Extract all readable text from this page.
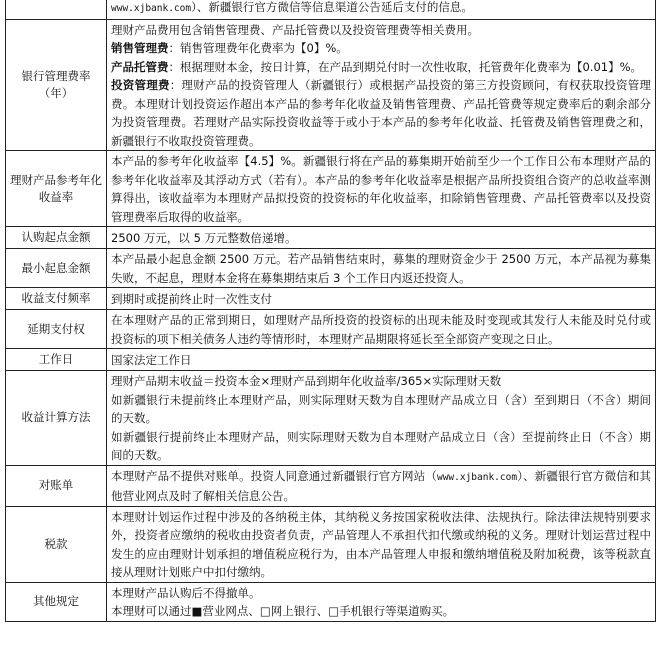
	www.xjbank.com）、新疆银行官方微信等信息渠道公告延后支付的信息。

银行管理费率（年）	理财产品费用包含销售管理费、产品托管费以及投资管理费等相关费用。

销售管理费：销售管理费年化费率为【0】%。

产品托管费：根据理财本金，按日计算，在产品到期兑付时一次性收取，托管费年化费率为【0.01】%。

投资管理费：理财产品的投资管理人（新疆银行）或根据产品投资的第三方投资顾问，有权获取投资管理费。本理财计划投资运作超出本产品的参考年化收益及销售管理费、产品托管费等规定费率后的剩余部分为投资管理费。若理财产品实际投资收益等于或小于本产品的参考年化收益、托管费及销售管理费之和，新疆银行不收取投资管理费。

理财产品参考年化收益率	本产品的参考年化收益率【4.5】%。新疆银行将在产品的募集期开始前至少一个工作日公布本理财产品的参考年化收益率及其浮动方式（若有）。本产品的参考年化收益率是根据产品所投资组合资产的总收益率测算得出，该收益率为本理财产品拟投资的投资标的年化收益率，扣除销售管理费、产品托管费率以及投资管理费率后取得的收益率。

认购起点金额	2500 万元，以 5 万元整数倍递增。

最小起息金额	本产品最小起息金额 2500 万元。若产品销售结束时，募集的理财资金少于 2500 万元，本产品视为募集失败，不起息，理财本金将在募集期结束后 3 个工作日内返还投资人。

收益支付频率	到期时或提前终止时一次性支付

延期支付权	在本理财产品的正常到期日，如理财产品所投资的投资标的出现未能及时变现或其发行人未能及时兑付或投资标的项下相关债务人违约等情形时，本理财产品期限将延长至全部资产变现之日止。

工作日	国家法定工作日

收益计算方法	理财产品期末收益＝投资本金×理财产品到期年化收益率/365×实际理财天数

如新疆银行未提前终止本理财产品，则实际理财天数为自本理财产品成立日（含）至到期日（不含）期间的天数。

如新疆银行提前终止本理财产品，则实际理财天数为自本理财产品成立日（含）至提前终止日（不含）期间的天数。

对账单	本理财产品不提供对账单。投资人同意通过新疆银行官方网站（www.xjbank.com）、新疆银行官方微信和其他营业网点及时了解相关信息公告。

税款	本理财计划运作过程中涉及的各纳税主体，其纳税义务按国家税收法律、法规执行。除法律法规特别要求外，投资者应缴纳的税收由投资者负责，产品管理人不承担代扣代缴或纳税的义务。理财计划运营过程中发生的应由理财计划承担的增值税应税行为，由本产品管理人申报和缴纳增值税及附加税费，该等税款直接从理财计划账户中扣付缴纳。

其他规定	本理财产品认购后不得撤单。

本理财可以通过■营业网点、□网上银行、□手机银行等渠道购买。
